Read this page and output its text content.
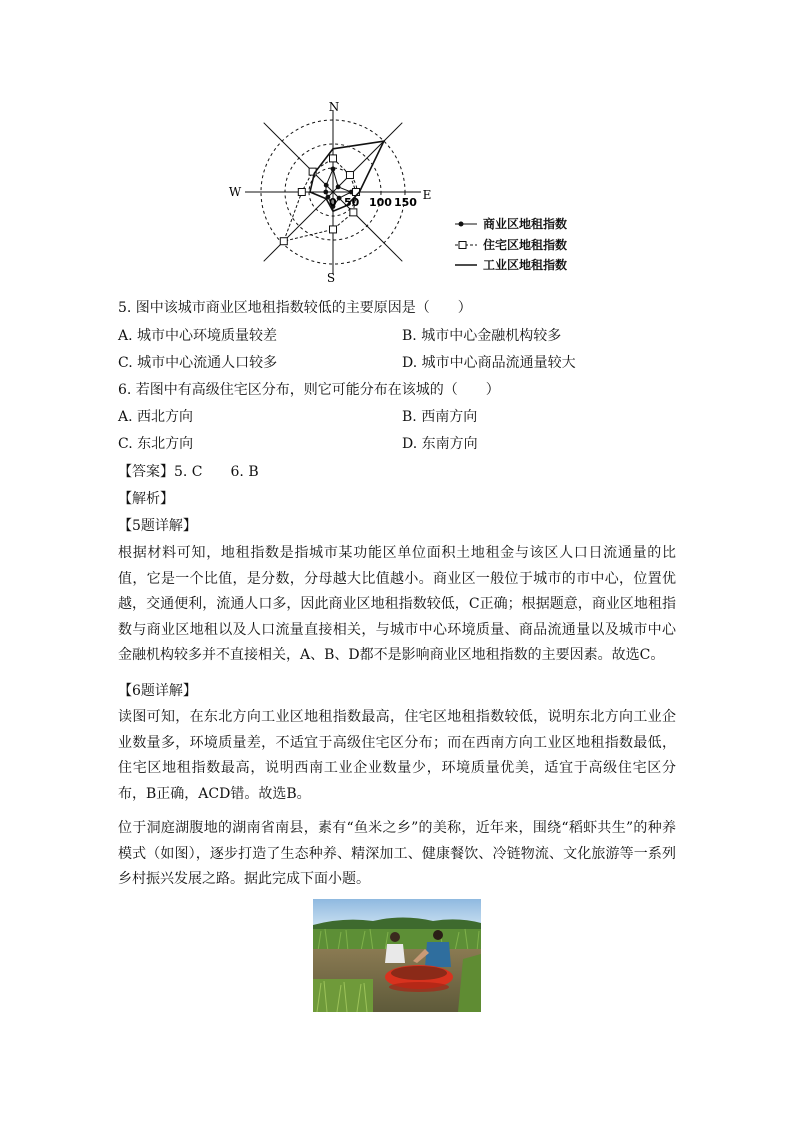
N
S
W	E
0 50 100 150
商业区地租指数
住宅区地租指数
工业区地租指数
5. 图中该城市商业区地租指数较低的主要原因是（　　）
A. 城市中心环境质量较差	B. 城市中心金融机构较多
C. 城市中心流通人口较多	D. 城市中心商品流通量较大
6. 若图中有高级住宅区分布，则它可能分布在该城的（　　）
A. 西北方向	B. 西南方向
C. 东北方向	D. 东南方向
【答案】5. C　　6. B
【解析】
【5题详解】
根据材料可知，地租指数是指城市某功能区单位面积土地租金与该区人口日流通量的比值，它是一个比值，是分数，分母越大比值越小。商业区一般位于城市的市中心，位置优越，交通便利，流通人口多，因此商业区地租指数较低，C正确；根据题意，商业区地租指数与商业区地租以及人口流量直接相关，与城市中心环境质量、商品流通量以及城市中心金融机构较多并不直接相关，A、B、D都不是影响商业区地租指数的主要因素。故选C。
【6题详解】
读图可知，在东北方向工业区地租指数最高，住宅区地租指数较低，说明东北方向工业企业数量多，环境质量差，不适宜于高级住宅区分布；而在西南方向工业区地租指数最低，住宅区地租指数最高，说明西南工业企业数量少，环境质量优美，适宜于高级住宅区分布，B正确，ACD错。故选B。
位于洞庭湖腹地的湖南省南县，素有“鱼米之乡”的美称，近年来，围绕“稻虾共生”的种养模式（如图），逐步打造了生态种养、精深加工、健康餐饮、冷链物流、文化旅游等一系列乡村振兴发展之路。据此完成下面小题。
